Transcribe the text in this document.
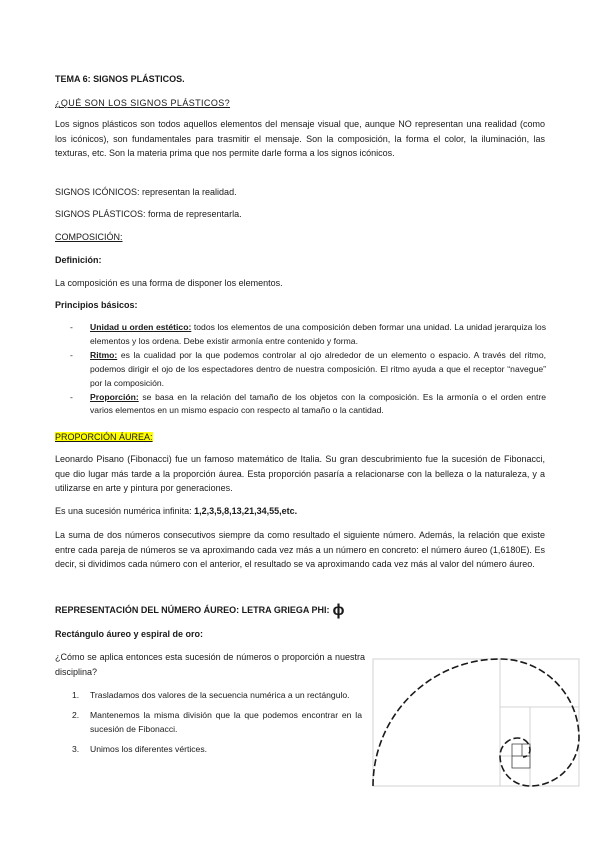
TEMA 6: SIGNOS PLÁSTICOS.
¿QUÉ SON LOS SIGNOS PLÁSTICOS?
Los signos plásticos son todos aquellos elementos del mensaje visual que, aunque NO representan una realidad (como los icónicos), son fundamentales para trasmitir el mensaje. Son la composición, la forma el color, la iluminación, las texturas, etc. Son la materia prima que nos permite darle forma a los signos icónicos.
SIGNOS ICÓNICOS: representan la realidad.
SIGNOS PLÁSTICOS: forma de representarla.
COMPOSICIÓN:
Definición:
La composición es una forma de disponer los elementos.
Principios básicos:
- Unidad u orden estético: todos los elementos de una composición deben formar una unidad. La unidad jerarquiza los elementos y los ordena. Debe existir armonía entre contenido y forma.
- Ritmo: es la cualidad por la que podemos controlar al ojo alrededor de un elemento o espacio. A través del ritmo, podemos dirigir el ojo de los espectadores dentro de nuestra composición. El ritmo ayuda a que el receptor “navegue” por la composición.
- Proporción: se basa en la relación del tamaño de los objetos con la composición. Es la armonía o el orden entre varios elementos en un mismo espacio con respecto al tamaño o la cantidad.
PROPORCIÓN ÁUREA:
Leonardo Pisano (Fibonacci) fue un famoso matemático de Italia. Su gran descubrimiento fue la sucesión de Fibonacci, que dio lugar más tarde a la proporción áurea. Esta proporción pasaría a relacionarse con la belleza o la naturaleza, y a utilizarse en arte y pintura por generaciones.
Es una sucesión numérica infinita: 1,2,3,5,8,13,21,34,55,etc.
La suma de dos números consecutivos siempre da como resultado el siguiente número. Además, la relación que existe entre cada pareja de números se va aproximando cada vez más a un número en concreto: el número áureo (1,6180E). Es decir, si dividimos cada número con el anterior, el resultado se va aproximando cada vez más al valor del número áureo.
REPRESENTACIÓN DEL NÚMERO ÁUREO: LETRA GRIEGA PHI: ϕ
Rectángulo áureo y espiral de oro:
¿Cómo se aplica entonces esta sucesión de números o proporción a nuestra disciplina?
1. Trasladamos dos valores de la secuencia numérica a un rectángulo.
2. Mantenemos la misma división que la que podemos encontrar en la sucesión de Fibonacci.
3. Unimos los diferentes vértices.
